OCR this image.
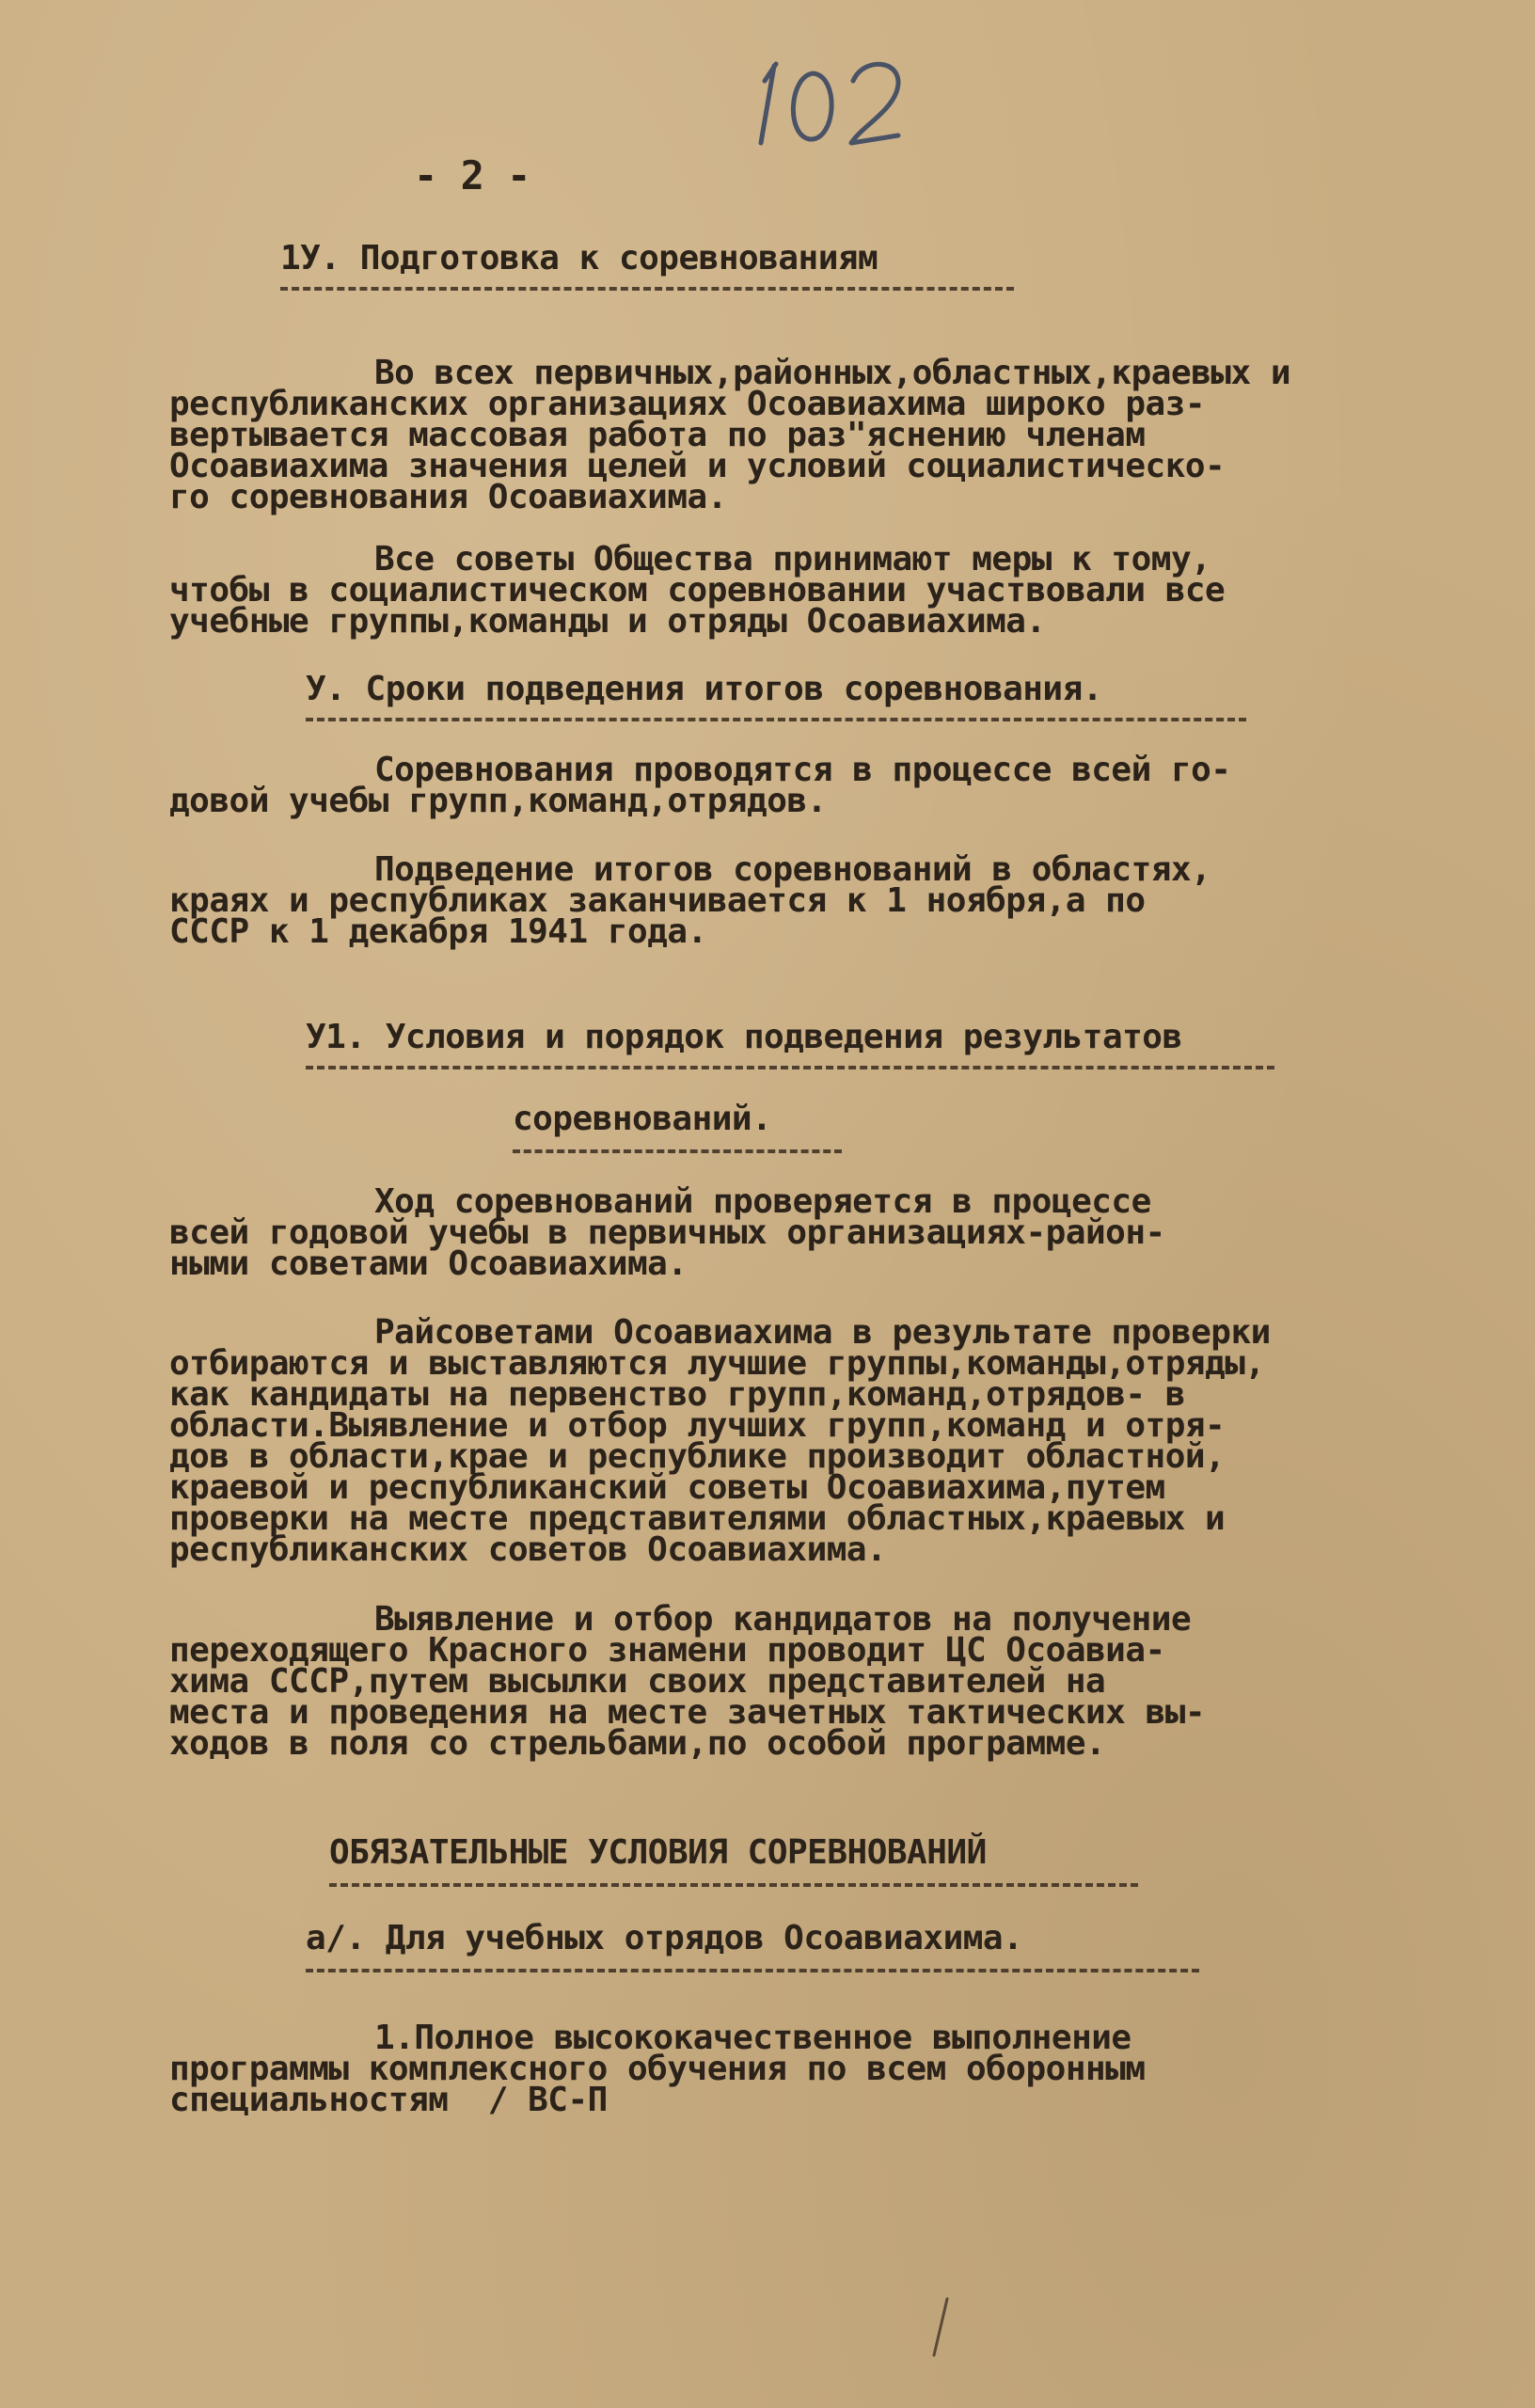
- 2 -
1У. Подготовка к соревнованиям
Во всех первичных,районных,областных,краевых и
республиканских организациях Осоавиахима широко раз-
вертывается массовая работа по раз"яснению членам
Осоавиахима значения целей и условий социалистическо-
го соревнования Осоавиахима.
Все советы Общества принимают меры к тому,
чтобы в социалистическом соревновании участвовали все
учебные группы,команды и отряды Осоавиахима.
У. Сроки подведения итогов соревнования.
Соревнования проводятся в процессе всей го-
довой учебы групп,команд,отрядов.
Подведение итогов соревнований в областях,
краях и республиках заканчивается к 1 ноября,а по
СССР к 1 декабря 1941 года.
У1. Условия и порядок подведения результатов
соревнований.
Ход соревнований проверяется в процессе
всей годовой учебы в первичных организациях-район-
ными советами Осоавиахима.
Райсоветами Осоавиахима в результате проверки
отбираются и выставляются лучшие группы,команды,отряды,
как кандидаты на первенство групп,команд,отрядов- в
области.Выявление и отбор лучших групп,команд и отря-
дов в области,крае и республике производит областной,
краевой и республиканский советы Осоавиахима,путем
проверки на месте представителями областных,краевых и
республиканских советов Осоавиахима.
Выявление и отбор кандидатов на получение
переходящего Красного знамени проводит ЦС Осоавиа-
хима СССР,путем высылки своих представителей на
места и проведения на месте зачетных тактических вы-
ходов в поля со стрельбами,по особой программе.
ОБЯЗАТЕЛЬНЫЕ УСЛОВИЯ СОРЕВНОВАНИЙ
а/. Для учебных отрядов Осоавиахима.
1.Полное высококачественное выполнение
программы комплексного обучения по всем оборонным
специальностям  / ВС-П
